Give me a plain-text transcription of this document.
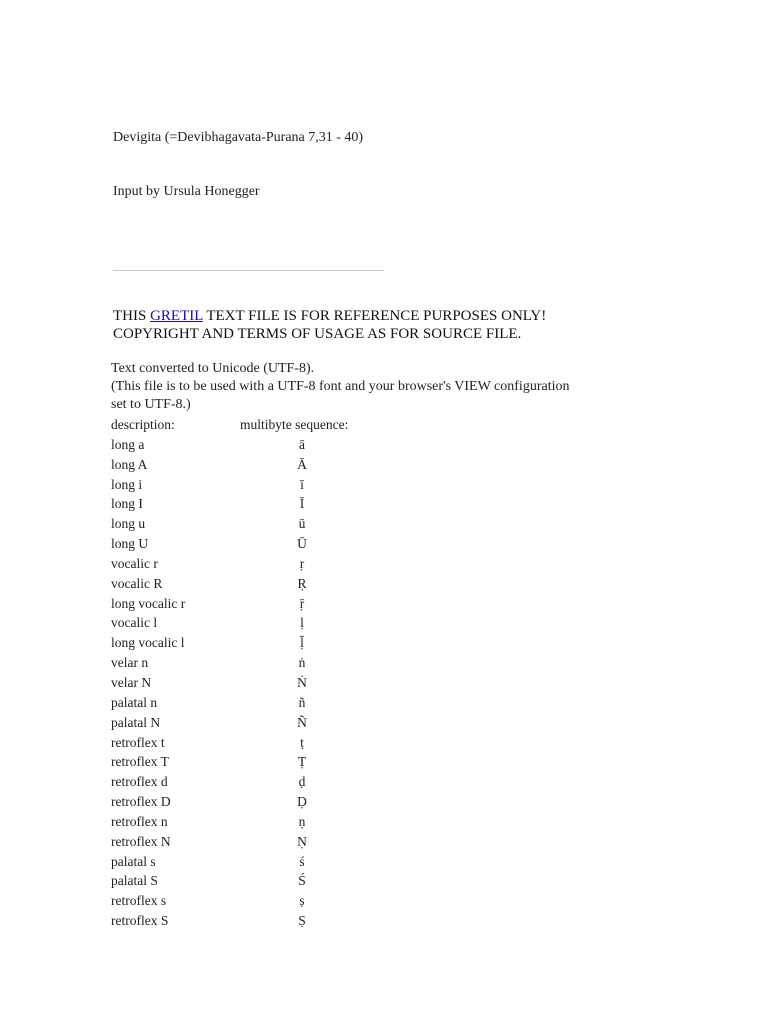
Devigita (=Devibhagavata-Purana 7,31 - 40)
Input by Ursula Honegger
THIS GRETIL TEXT FILE IS FOR REFERENCE PURPOSES ONLY!
COPYRIGHT AND TERMS OF USAGE AS FOR SOURCE FILE.
Text converted to Unicode (UTF-8).
(This file is to be used with a UTF-8 font and your browser's VIEW configuration
set to UTF-8.)
description:	multibyte sequence:
long a	ā
long A	Ā
long i	ī
long I	Ī
long u	ū
long U	Ū
vocalic r	ṛ
vocalic R	Ṛ
long vocalic r	ṝ
vocalic l	ḷ
long vocalic l	ḹ
velar n	ṅ
velar N	Ṅ
palatal n	ñ
palatal N	Ñ
retroflex t	ṭ
retroflex T	Ṭ
retroflex d	ḍ
retroflex D	Ḍ
retroflex n	ṇ
retroflex N	Ṇ
palatal s	ś
palatal S	Ś
retroflex s	ṣ
retroflex S	Ṣ
